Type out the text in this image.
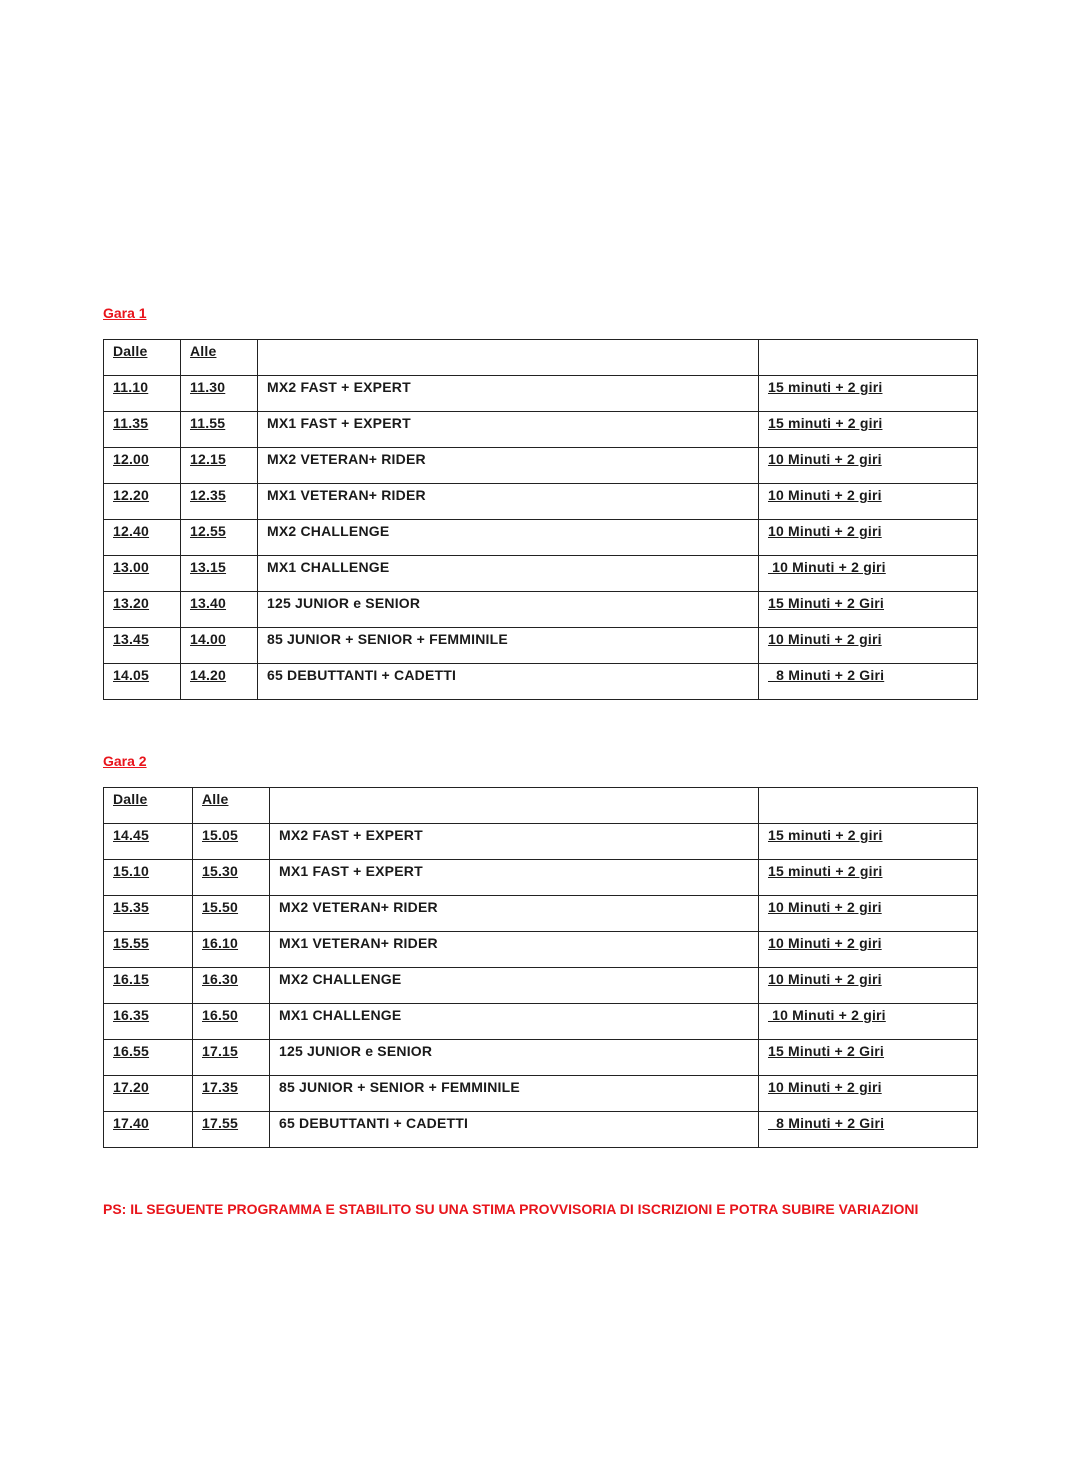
Gara 1

Dalle	Alle		
11.10	11.30	MX2 FAST + EXPERT	15 minuti + 2 giri
11.35	11.55	MX1 FAST + EXPERT	15 minuti + 2 giri
12.00	12.15	MX2 VETERAN+ RIDER	10 Minuti + 2 giri
12.20	12.35	MX1 VETERAN+ RIDER	10 Minuti + 2 giri
12.40	12.55	MX2 CHALLENGE	10 Minuti + 2 giri
13.00	13.15	MX1 CHALLENGE	10 Minuti + 2 giri
13.20	13.40	125 JUNIOR e SENIOR	15 Minuti + 2 Giri
13.45	14.00	85 JUNIOR + SENIOR + FEMMINILE	10 Minuti + 2 giri
14.05	14.20	65 DEBUTTANTI + CADETTI	8 Minuti + 2 Giri

Gara 2

Dalle	Alle		
14.45	15.05	MX2 FAST + EXPERT	15 minuti + 2 giri
15.10	15.30	MX1 FAST + EXPERT	15 minuti + 2 giri
15.35	15.50	MX2 VETERAN+ RIDER	10 Minuti + 2 giri
15.55	16.10	MX1 VETERAN+ RIDER	10 Minuti + 2 giri
16.15	16.30	MX2 CHALLENGE	10 Minuti + 2 giri
16.35	16.50	MX1 CHALLENGE	10 Minuti + 2 giri
16.55	17.15	125 JUNIOR e SENIOR	15 Minuti + 2 Giri
17.20	17.35	85 JUNIOR + SENIOR + FEMMINILE	10 Minuti + 2 giri
17.40	17.55	65 DEBUTTANTI + CADETTI	8 Minuti + 2 Giri

PS: IL SEGUENTE PROGRAMMA E STABILITO SU UNA STIMA PROVVISORIA DI ISCRIZIONI E POTRA SUBIRE VARIAZIONI
